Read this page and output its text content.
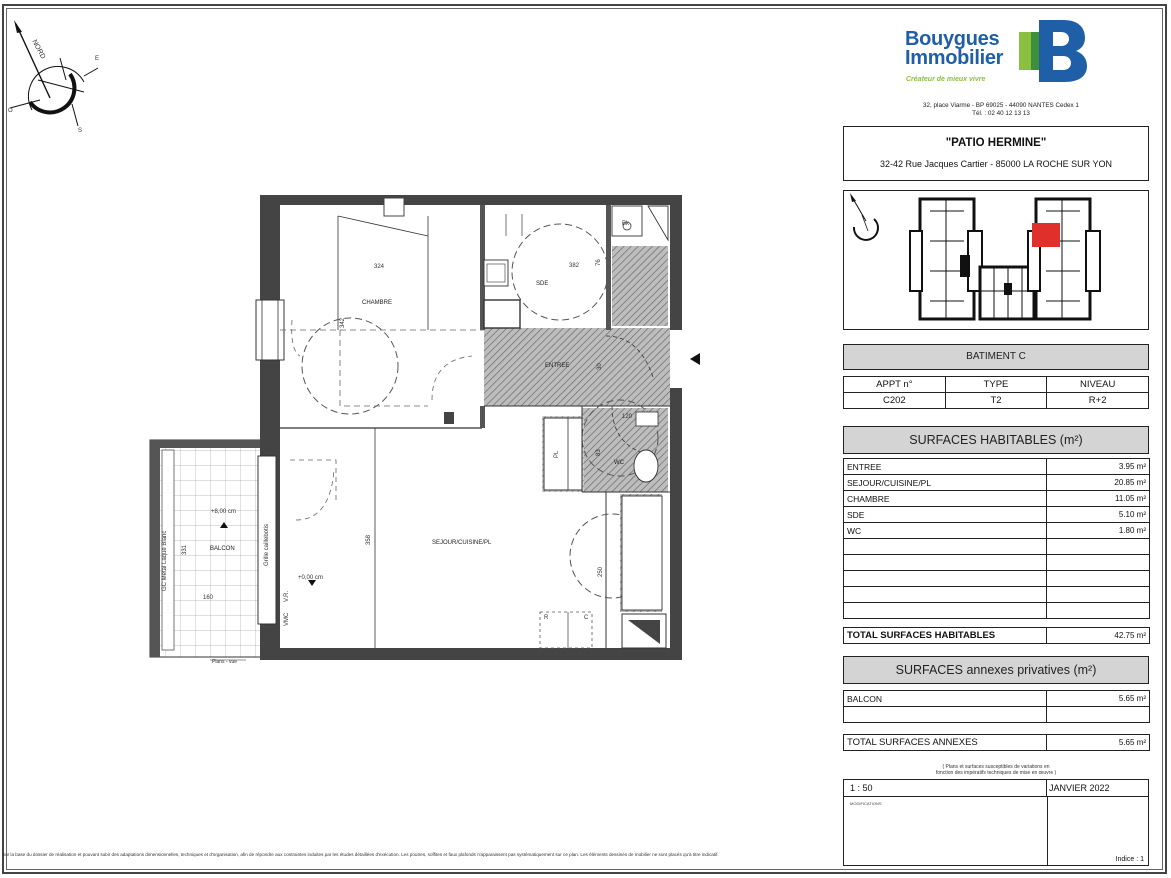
NORD	E
O
S
CHAMBRE
SDE
ENTREE
SEJOUR/CUISINE/PL
BALCON
WC
PL
324
342
382	76
30
83
120
358
250
331
160
+8,00 cm
+0,00 cm
R	C
GC Métal Laqué Blanc	Grille caillebotis
V.R.
VMC
Plans - vue
Bk
Sur la base du dossier de réalisation et pouvant subir des adaptations dimensionnelles, techniques et d'organisation, afin de répondre aux contraintes induites par les études détaillées d'exécution. Les poutres, soffites et faux plafonds n'apparaissent pas systématiquement sur ce plan. Les éléments dessinés de mobilier ne sont placés qu'à titre indicatif.
Bouygues
Immobilier
Créateur de mieux vivre
32, place Viarme - BP 69025 - 44090 NANTES Cedex 1
Tél. : 02 40 12 13 13
"PATIO HERMINE"
32-42 Rue Jacques Cartier - 85000 LA ROCHE SUR YON
BATIMENT C
APPT n°	TYPE	NIVEAU
C202	T2	R+2
SURFACES HABITABLES (m²)
ENTREE	3.95 m²
SEJOUR/CUISINE/PL	20.85 m²
CHAMBRE	11.05 m²
SDE	5.10 m²
WC	1.80 m²

TOTAL SURFACES HABITABLES	42.75 m²
SURFACES annexes privatives (m²)
BALCON	5.65 m²

TOTAL SURFACES ANNEXES	5.65 m²
( Plans et surfaces susceptibles de variations en
fonction des impératifs techniques de mise en œuvre )
1 : 50	JANVIER 2022
MODIFICATIONS
Indice : 1
